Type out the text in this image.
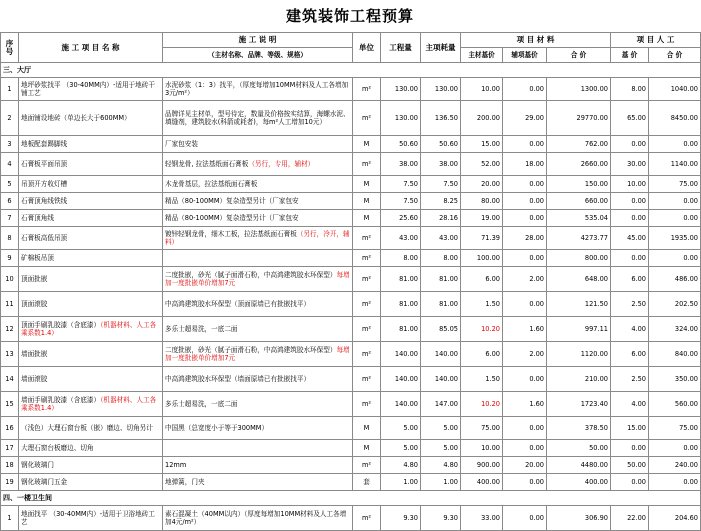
建筑装饰工程预算
序号	施 工 项 目 名 称	施 工 说 明	单位	工程量	主项耗量	项 目 材 料			项 目 人 工	
		（主材名称、品牌、等级、规格）				主材基价	辅项基价	合 价	基 价	合 价
三、大厅										
1	地坪砂浆找平 （30-40MM内）-适用于地砖干铺工艺	水泥砂浆（1：3）找平，（厚度每增加10MM材料及人工各增加3元/m²）	m²	130.00	130.00	10.00	0.00	1300.00	8.00	1040.00
2	地面铺设地砖（单边长大于600MM）	品牌详见主材单，型号待定，数量及价格按实结算，海螺水泥、填缝剂，建筑胶水(科箭或耗者)，每m²人工增加10元）	m²	130.00	136.50	200.00	29.00	29770.00	65.00	8450.00
3	地板配套踢脚线	厂家包安装	M	50.60	50.60	15.00	0.00	762.00	0.00	0.00
4	石膏板平面吊顶	轻钢龙骨, 拉法基纸面石膏板（另行，专用，辅材）	m²	38.00	38.00	52.00	18.00	2660.00	30.00	1140.00
5	吊顶开方收灯槽	木龙骨基层，拉法基纸面石膏板	M	7.50	7.50	20.00	0.00	150.00	10.00	75.00
6	石膏顶角线铁线	精品（80-100MM）复杂造型另计（厂家包安	M	7.50	8.25	80.00	0.00	660.00	0.00	0.00
7	石膏顶角线	精品（80-100MM）复杂造型另计（厂家包安	M	25.60	28.16	19.00	0.00	535.04	0.00	0.00
8	石膏板高低吊顶	镀锌轻钢龙骨，细木工板，拉法基纸面石膏板（另行，冷开，辅料）	m²	43.00	43.00	71.39	28.00	4273.77	45.00	1935.00
9	矿棉板吊顶		m²	8.00	8.00	100.00	0.00	800.00	0.00	0.00
10	顶面批嵌	二度批嵌，砂光（腻子面滑石粉，中高鸿建筑胶水环保型）每增加一度批嵌单价增加7元	m²	81.00	81.00	6.00	2.00	648.00	6.00	486.00
11	顶面滚胶	中高鸿建筑胶水环保型（顶面原墙已有批嵌找平）	m²	81.00	81.00	1.50	0.00	121.50	2.50	202.50
12	顶面手刷乳胶漆（含底漆）（机器材料、人工各乘系数1.4）	多乐士超易洗，一底二面	m²	81.00	85.05	10.20	1.60	997.11	4.00	324.00
13	墙面批嵌	二度批嵌，砂光（腻子面滑石粉，中高鸿建筑胶水环保型）每增加一度批嵌单价增加7元	m²	140.00	140.00	6.00	2.00	1120.00	6.00	840.00
14	墙面滚胶	中高鸿建筑胶水环保型（墙面原墙已有批嵌找平）	m²	140.00	140.00	1.50	0.00	210.00	2.50	350.00
15	墙面手刷乳胶漆（含底漆）（机器材料、人工各乘系数1.4）	多乐士超易洗，一底二面	m²	140.00	147.00	10.20	1.60	1723.40	4.00	560.00
16	（浅色）大理石窗台板（嵌）磨边、切角另计	中国黑（总宽度小于等于300MM）	M	5.00	5.00	75.00	0.00	378.50	15.00	75.00
17	大理石窗台板磨边、切角		M	5.00	5.00	10.00	0.00	50.00	0.00	0.00
18	钢化玻璃门	12mm	m²	4.80	4.80	900.00	20.00	4480.00	50.00	240.00
19	钢化玻璃门五金	地弹簧，门夹	套	1.00	1.00	400.00	0.00	400.00	0.00	0.00
四、一楼卫生间										
1	地面找平 （30-40MM内）-适用于卫浴地砖工艺	素石混凝土（40MM以内）（厚度每增加10MM材料及人工各增加4元/m²）	m²	9.30	9.30	33.00	0.00	306.90	22.00	204.60
